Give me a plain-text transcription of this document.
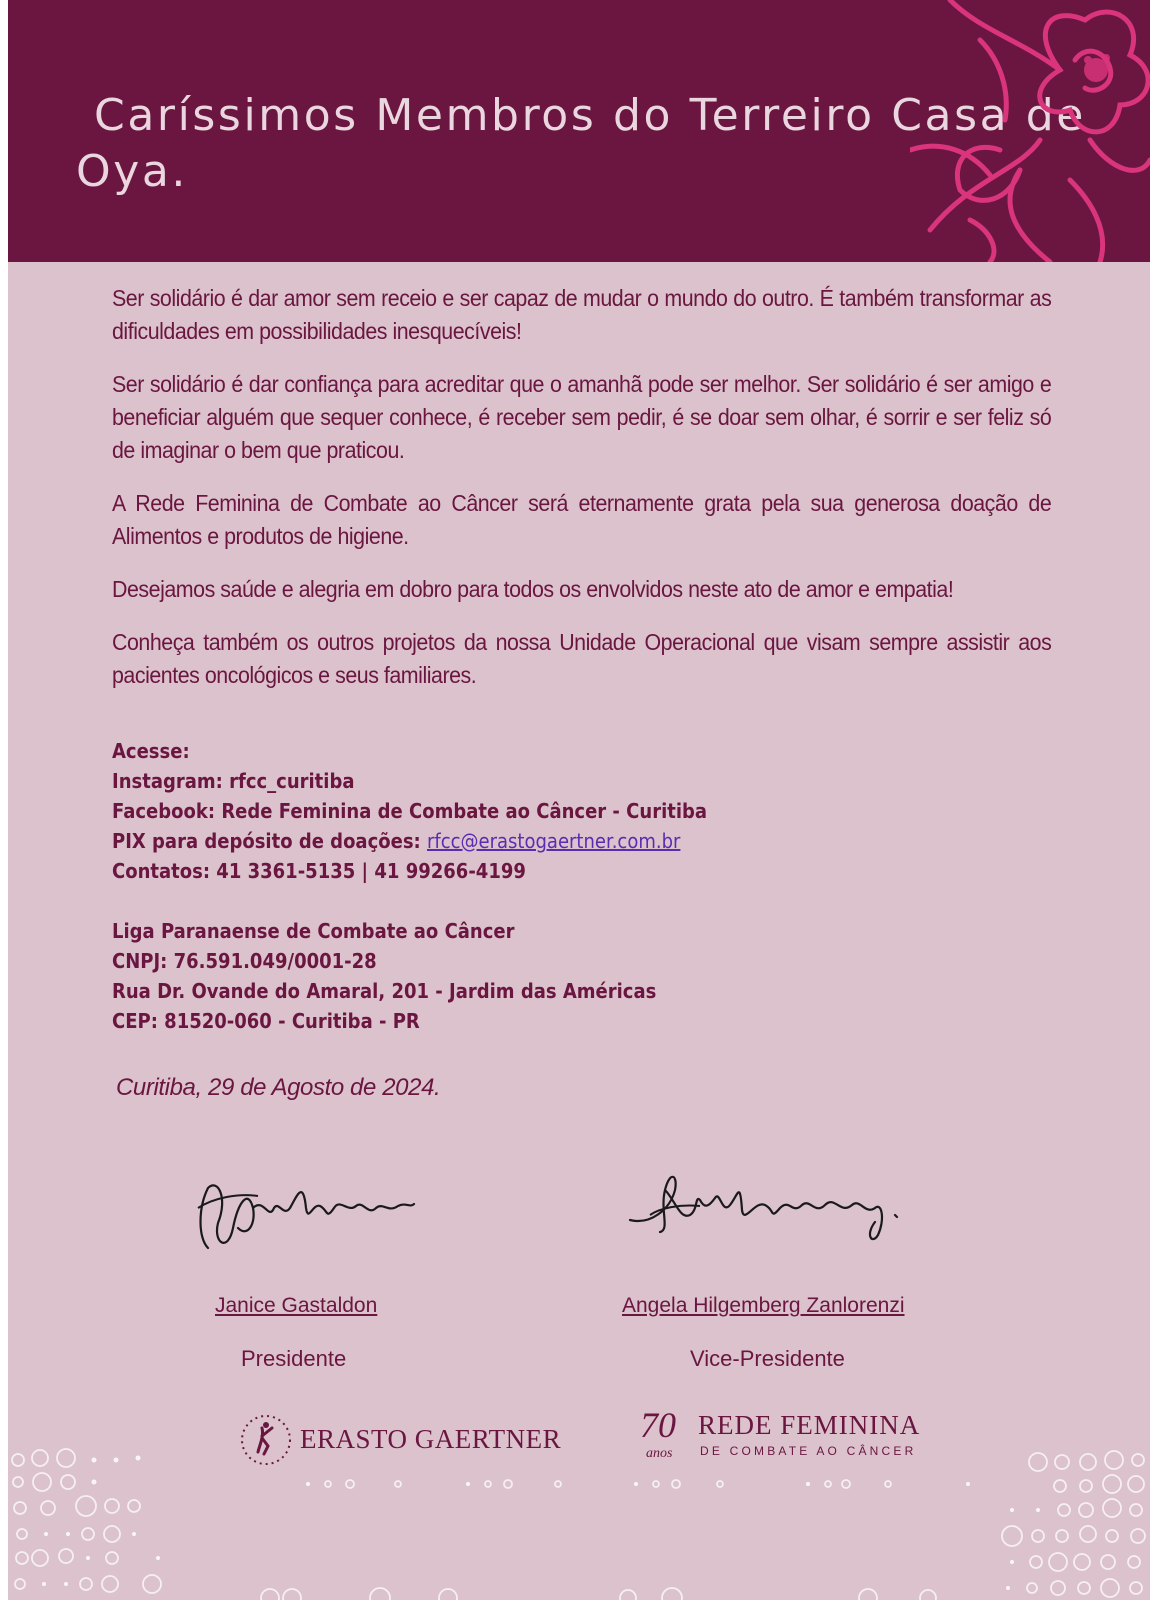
Caríssimos Membros do Terreiro Casa de Oya.

Ser solidário é dar amor sem receio e ser capaz de mudar o mundo do outro. É também transformar as dificuldades em possibilidades inesquecíveis!

Ser solidário é dar confiança para acreditar que o amanhã pode ser melhor. Ser solidário é ser amigo e beneficiar alguém que sequer conhece, é receber sem pedir, é se doar sem olhar, é sorrir e ser feliz só de imaginar o bem que praticou.

A Rede Feminina de Combate ao Câncer será eternamente grata pela sua generosa doação de Alimentos e produtos de higiene.

Desejamos saúde e alegria em dobro para todos os envolvidos neste ato de amor e empatia!

Conheça também os outros projetos da nossa Unidade Operacional que visam sempre assistir aos pacientes oncológicos e seus familiares.

Acesse:
Instagram: rfcc_curitiba
Facebook: Rede Feminina de Combate ao Câncer - Curitiba
PIX para depósito de doações: rfcc@erastogaertner.com.br
Contatos: 41 3361-5135 | 41 99266-4199
Liga Paranaense de Combate ao Câncer
CNPJ: 76.591.049/0001-28
Rua Dr. Ovande do Amaral, 201 - Jardim das Américas
CEP: 81520-060 - Curitiba - PR
Curitiba, 29 de Agosto de 2024.
Janice Gastaldon
Presidente
Angela Hilgemberg Zanlorenzi
Vice-Presidente
ERASTO GAERTNER 70
anos
REDE FEMININA
DE COMBATE AO CÂNCER
